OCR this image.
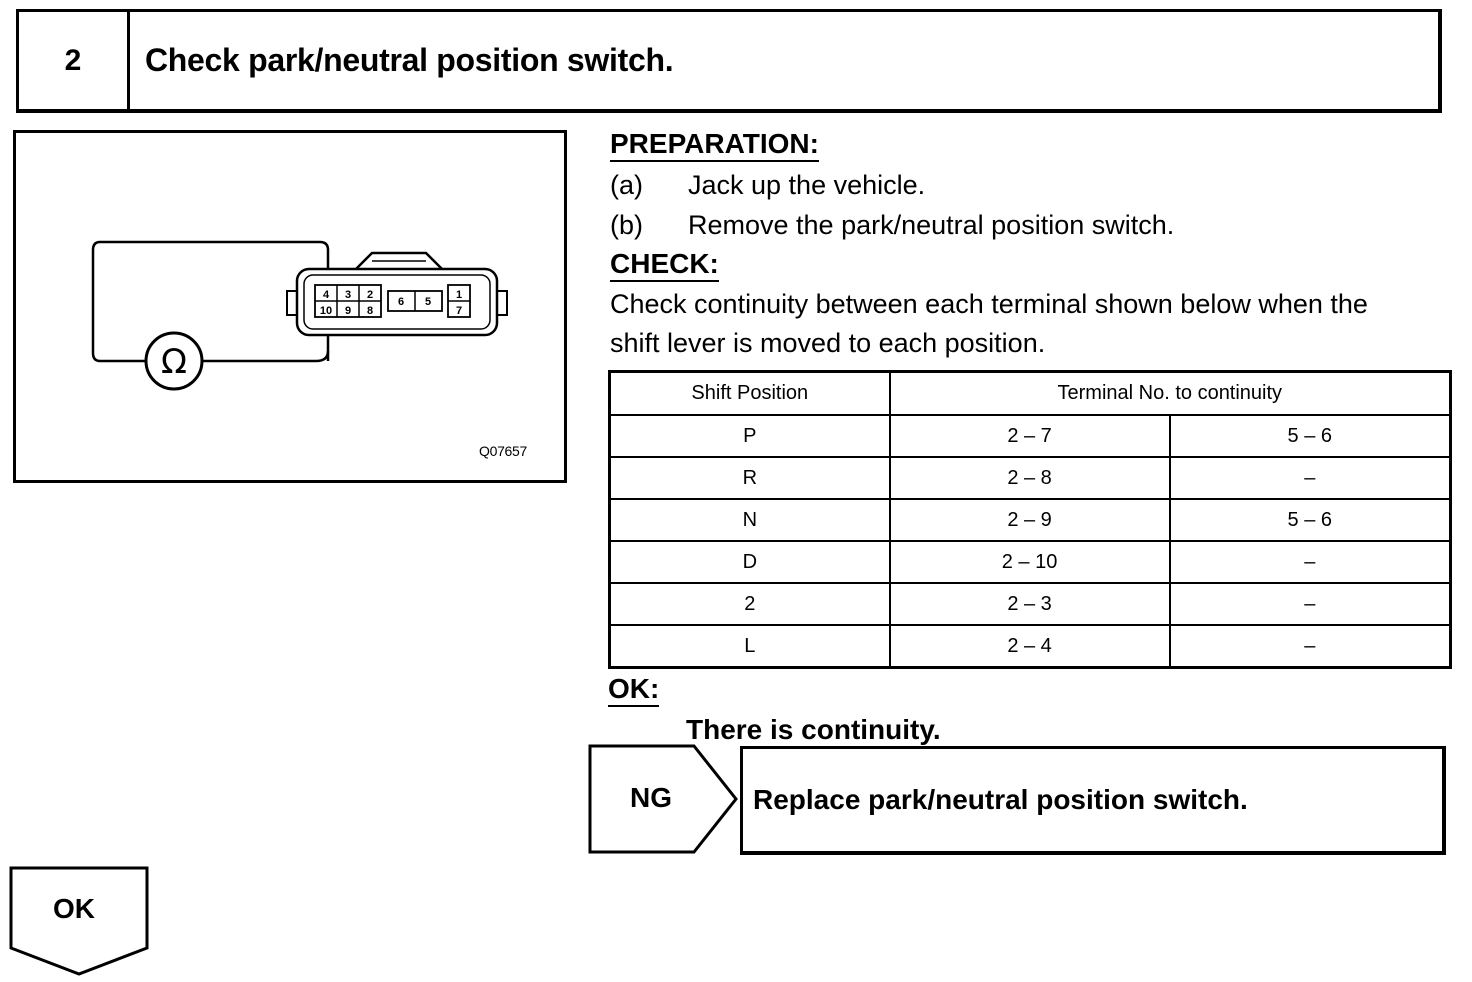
2	Check park/neutral position switch.
Ω
4 3 2
6 5
1
10 9 8	7
Q07657
PREPARATION:
(a) Jack up the vehicle.
(b) Remove the park/neutral position switch.
CHECK:
Check continuity between each terminal shown below when the
shift lever is moved to each position.
Shift Position	Terminal No. to continuity	
P	2 – 7	5 – 6
R	2 – 8	–
N	2 – 9	5 – 6
D	2 – 10	–
2	2 – 3	–
L	2 – 4	–
OK:
There is continuity.
NG	Replace park/neutral position switch.
OK
